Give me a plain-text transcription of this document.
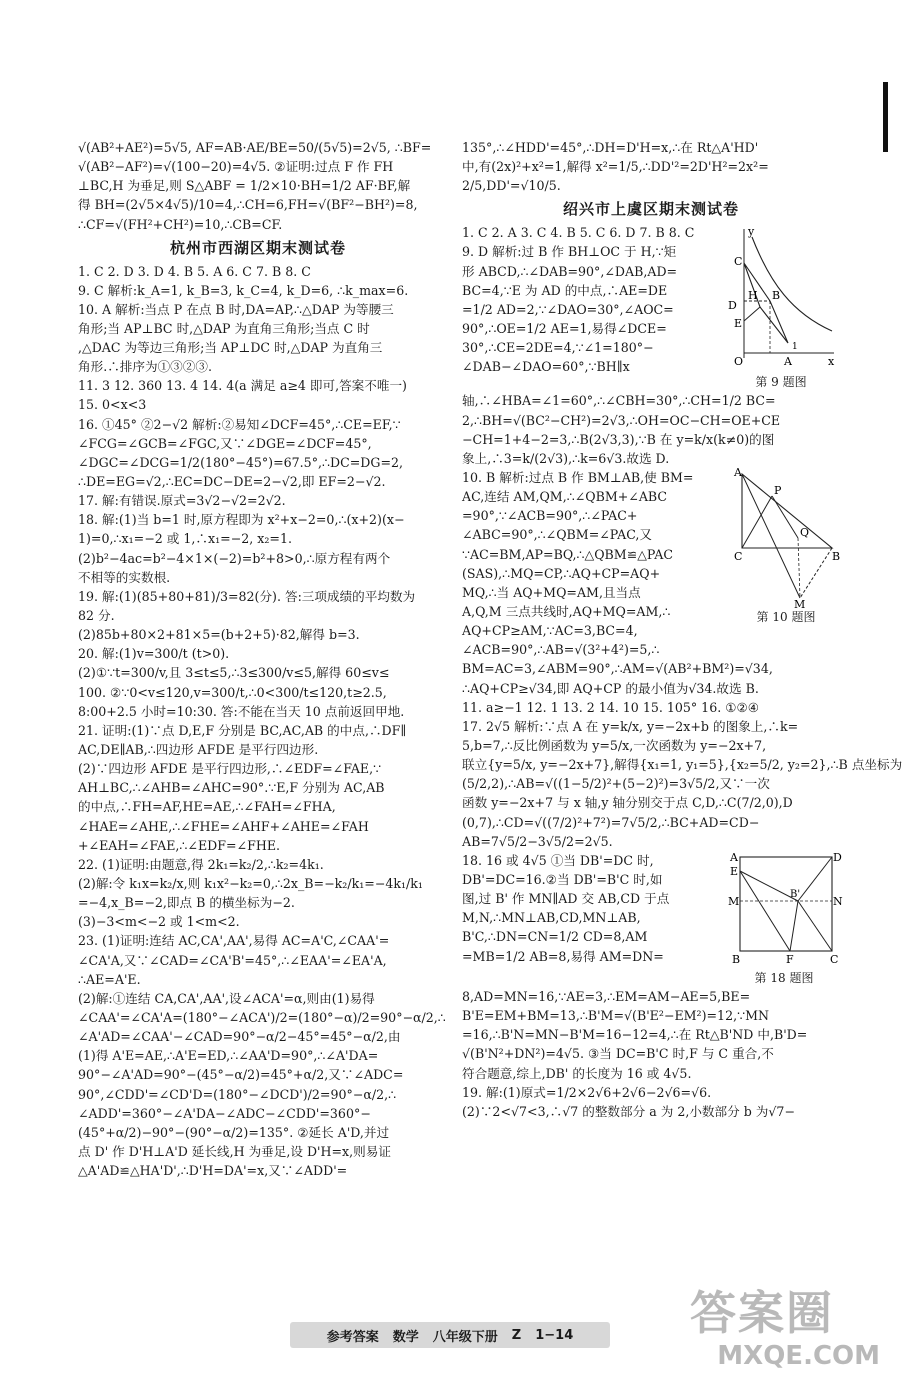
√(AB²+AE²)=5√5, AF=AB·AE/BE=50/(5√5)=2√5, ∴BF=
√(AB²−AF²)=√(100−20)=4√5. ②证明:过点 F 作 FH
⊥BC,H 为垂足,则 S△ABF = 1/2×10·BH=1/2 AF·BF,解
得 BH=(2√5×4√5)/10=4,∴CH=6,FH=√(BF²−BH²)=8,
∴CF=√(FH²+CH²)=10,∴CB=CF.
杭州市西湖区期末测试卷
1. C 2. D 3. D 4. B 5. A 6. C 7. B 8. C
9. C 解析:k_A=1, k_B=3, k_C=4, k_D=6, ∴k_max=6.
10. A 解析:当点 P 在点 B 时,DA=AP,∴△DAP 为等腰三
角形;当 AP⊥BC 时,△DAP 为直角三角形;当点 C 时
,△DAC 为等边三角形;当 AP⊥DC 时,△DAP 为直角三
角形.∴排序为①③②③.
11. 3 12. 360 13. 4 14. 4(a 满足 a≥4 即可,答案不唯一)
15. 0<x<3
16. ①45° ②2−√2 解析:②易知∠DCF=45°,∴CE=EF,∵
∠FCG=∠GCB=∠FGC,又∵∠DGE=∠DCF=45°,
∠DGC=∠DCG=1/2(180°−45°)=67.5°,∴DC=DG=2,
∴DE=EG=√2,∴EC=DC−DE=2−√2,即 EF=2−√2.
17. 解:有错误.原式=3√2−√2=2√2.
18. 解:(1)当 b=1 时,原方程即为 x²+x−2=0,∴(x+2)(x−
1)=0,∴x₁=−2 或 1,∴x₁=−2, x₂=1.
(2)b²−4ac=b²−4×1×(−2)=b²+8>0,∴原方程有两个
不相等的实数根.
19. 解:(1)(85+80+81)/3=82(分). 答:三项成绩的平均数为
82 分.
(2)85b+80×2+81×5=(b+2+5)·82,解得 b=3.
20. 解:(1)v=300/t (t>0).
(2)①∵t=300/v,且 3≤t≤5,∴3≤300/v≤5,解得 60≤v≤
100. ②∵0<v≤120,v=300/t,∴0<300/t≤120,t≥2.5,
8:00+2.5 小时=10:30. 答:不能在当天 10 点前返回甲地.
21. 证明:(1)∵点 D,E,F 分别是 BC,AC,AB 的中点,∴DF∥
AC,DE∥AB,∴四边形 AFDE 是平行四边形.
(2)∵四边形 AFDE 是平行四边形,∴∠EDF=∠FAE,∵
AH⊥BC,∴∠AHB=∠AHC=90°.∵E,F 分别为 AC,AB
的中点,∴FH=AF,HE=AE,∴∠FAH=∠FHA,
∠HAE=∠AHE,∴∠FHE=∠AHF+∠AHE=∠FAH
+∠EAH=∠FAE,∴∠EDF=∠FHE.
22. (1)证明:由题意,得 2k₁=k₂/2,∴k₂=4k₁.
(2)解:令 k₁x=k₂/x,则 k₁x²−k₂=0,∴2x_B=−k₂/k₁=−4k₁/k₁
=−4,x_B=−2,即点 B 的横坐标为−2.
(3)−3<m<−2 或 1<m<2.
23. (1)证明:连结 AC,CA',AA',易得 AC=A'C,∠CAA'=
∠CA'A,又∵∠CAD=∠CA'B'=45°,∴∠EAA'=∠EA'A,
∴AE=A'E.
(2)解:①连结 CA,CA',AA',设∠ACA'=α,则由(1)易得
∠CAA'=∠CA'A=(180°−∠ACA')/2=(180°−α)/2=90°−α/2,∴
∠A'AD=∠CAA'−∠CAD=90°−α/2−45°=45°−α/2,由
(1)得 A'E=AE,∴A'E=ED,∴∠AA'D=90°,∴∠A'DA=
90°−∠A'AD=90°−(45°−α/2)=45°+α/2,又∵∠ADC=
90°,∠CDD'=∠CD'D=(180°−∠DCD')/2=90°−α/2,∴
∠ADD'=360°−∠A'DA−∠ADC−∠CDD'=360°−
(45°+α/2)−90°−(90°−α/2)=135°. ②延长 A'D,并过
点 D' 作 D'H⊥A'D 延长线,H 为垂足,设 D'H=x,则易证
△A'AD≌△HA'D',∴D'H=DA'=x,又∵∠ADD'=
135°,∴∠HDD'=45°,∴DH=D'H=x,∴在 Rt△A'HD'
中,有(2x)²+x²=1,解得 x²=1/5,∴DD'²=2D'H²=2x²=
2/5,DD'=√10/5.
绍兴市上虞区期末测试卷
1. C 2. A 3. C 4. B 5. C 6. D 7. B 8. C
9. D 解析:过 B 作 BH⊥OC 于 H,∵矩
形 ABCD,∴∠DAB=90°,∠DAB,AD=
BC=4,∵E 为 AD 的中点,∴AE=DE
=1/2 AD=2,∵∠DAO=30°,∠AOC=
90°,∴OE=1/2 AE=1,易得∠DCE=
30°,∴CE=2DE=4,∵∠1=180°−
∠DAB−∠DAO=60°,∵BH∥x
y
C
D
H B
E
O	A
1
x
第 9 题图
轴,∴∠HBA=∠1=60°,∴∠CBH=30°,∴CH=1/2 BC=
2,∴BH=√(BC²−CH²)=2√3,∴OH=OC−CH=OE+CE
−CH=1+4−2=3,∴B(2√3,3),∵B 在 y=k/x(k≠0)的图
象上,∴3=k/(2√3),∴k=6√3.故选 D.
10. B 解析:过点 B 作 BM⊥AB,使 BM=
AC,连结 AM,QM,∴∠QBM+∠ABC
=90°,∵∠ACB=90°,∴∠PAC+
∠ABC=90°,∴∠QBM=∠PAC,又
∵AC=BM,AP=BQ,∴△QBM≌△PAC
(SAS),∴MQ=CP,∴AQ+CP=AQ+
MQ,∴当 AQ+MQ=AM,且当点
A,Q,M 三点共线时,AQ+MQ=AM,∴
AQ+CP≥AM,∵AC=3,BC=4,
∠ACB=90°,∴AB=√(3²+4²)=5,∴
A
P
Q
C	B
M
第 10 题图
BM=AC=3,∠ABM=90°,∴AM=√(AB²+BM²)=√34,
∴AQ+CP≥√34,即 AQ+CP 的最小值为√34.故选 B.
11. a≥−1 12. 1 13. 2 14. 10 15. 105° 16. ①②④
17. 2√5 解析:∵点 A 在 y=k/x, y=−2x+b 的图象上,∴k=
5,b=7,∴反比例函数为 y=5/x,一次函数为 y=−2x+7,
联立{y=5/x, y=−2x+7},解得{x₁=1, y₁=5},{x₂=5/2, y₂=2},∴B 点坐标为
(5/2,2),∴AB=√((1−5/2)²+(5−2)²)=3√5/2,又∵一次
函数 y=−2x+7 与 x 轴,y 轴分别交于点 C,D,∴C(7/2,0),D
(0,7),∴CD=√((7/2)²+7²)=7√5/2,∴BC+AD=CD−
AB=7√5/2−3√5/2=2√5.
18. 16 或 4√5 ①当 DB'=DC 时,
DB'=DC=16.②当 DB'=B'C 时,如
图,过 B' 作 MN∥AD 交 AB,CD 于点
M,N,∴MN⊥AB,CD,MN⊥AB,
B'C,∴DN=CN=1/2 CD=8,AM
=MB=1/2 AB=8,易得 AM=DN=
A	D
E
M
B'
N
B	F	C
第 18 题图
8,AD=MN=16,∵AE=3,∴EM=AM−AE=5,BE=
B'E=EM+BM=13,∴B'M=√(B'E²−EM²)=12,∵MN
=16,∴B'N=MN−B'M=16−12=4,∴在 Rt△B'ND 中,B'D=
√(B'N²+DN²)=4√5. ③当 DC=B'C 时,F 与 C 重合,不
符合题意,综上,DB' 的长度为 16 或 4√5.
19. 解:(1)原式=1/2×2√6+2√6−2√6=√6.
(2)∵2<√7<3,∴√7 的整数部分 a 为 2,小数部分 b 为√7−
参考答案 数学 八年级下册 Z 1−14	答案圈
MXQE.COM
